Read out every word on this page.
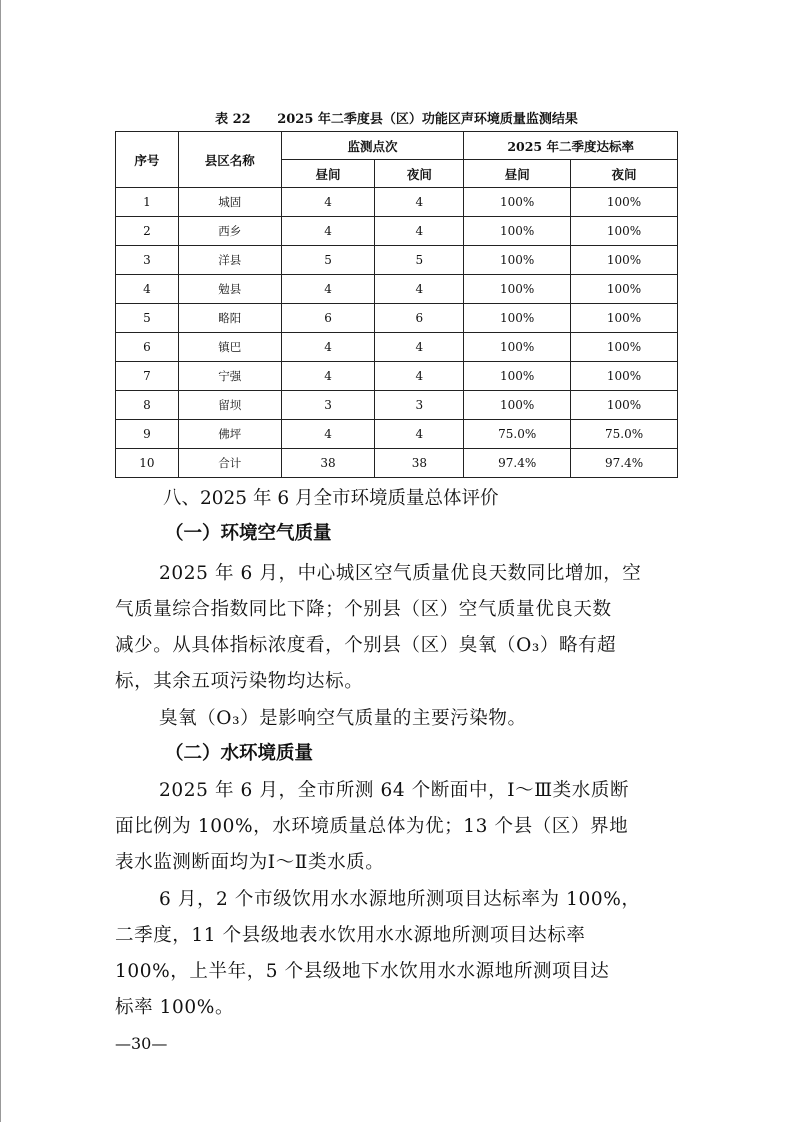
表 22 2025 年二季度县（区）功能区声环境质量监测结果
序号	县区名称	监测点次		2025 年二季度达标率	
		昼间	夜间	昼间	夜间
1	城固	4	4	100%	100%
2	西乡	4	4	100%	100%
3	洋县	5	5	100%	100%
4	勉县	4	4	100%	100%
5	略阳	6	6	100%	100%
6	镇巴	4	4	100%	100%
7	宁强	4	4	100%	100%
8	留坝	3	3	100%	100%
9	佛坪	4	4	75.0%	75.0%
10	合计	38	38	97.4%	97.4%
八、2025 年 6 月全市环境质量总体评价
（一）环境空气质量
2025 年 6 月，中心城区空气质量优良天数同比增加，空
气质量综合指数同比下降；个别县（区）空气质量优良天数
减少。从具体指标浓度看，个别县（区）臭氧（O₃）略有超
标，其余五项污染物均达标。
臭氧（O₃）是影响空气质量的主要污染物。
（二）水环境质量
2025 年 6 月，全市所测 64 个断面中，Ⅰ～Ⅲ类水质断
面比例为 100%，水环境质量总体为优；13 个县（区）界地
表水监测断面均为Ⅰ～Ⅱ类水质。
6 月，2 个市级饮用水水源地所测项目达标率为 100%，
二季度，11 个县级地表水饮用水水源地所测项目达标率
100%，上半年，5 个县级地下水饮用水水源地所测项目达
标率 100%。
—30—
